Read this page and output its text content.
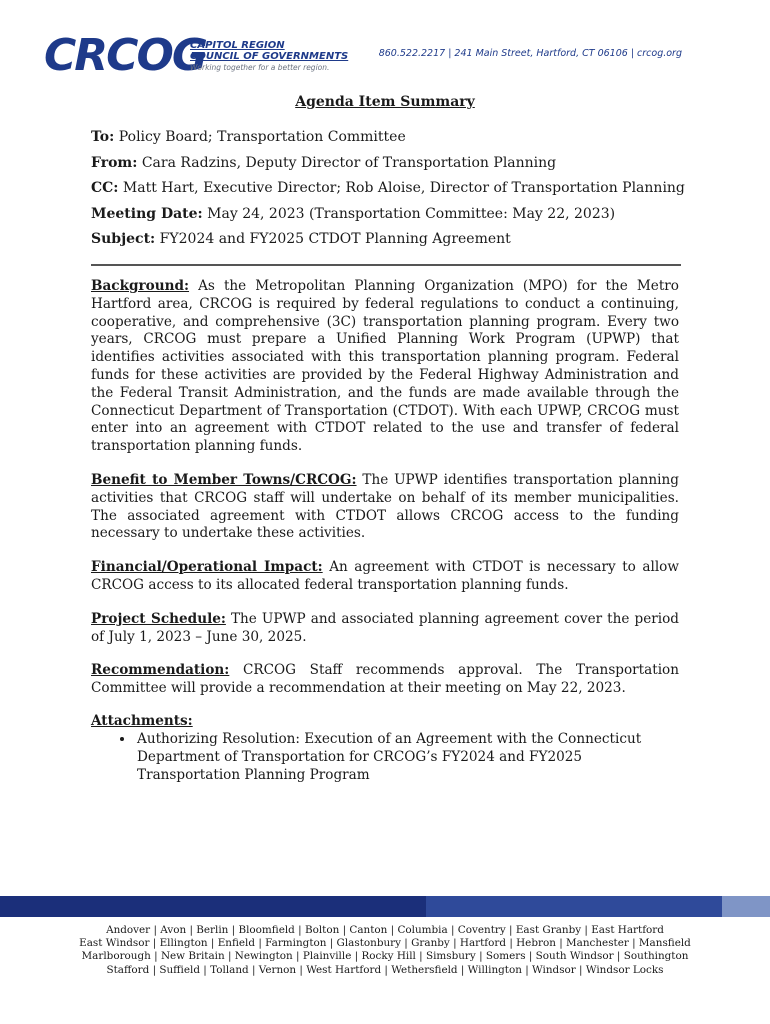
CRCOG
CAPITOL REGION
COUNCIL OF GOVERNMENTS
Working together for a better region.
860.522.2217 | 241 Main Street, Hartford, CT 06106 | crcog.org
Agenda Item Summary
To: Policy Board; Transportation Committee
From: Cara Radzins, Deputy Director of Transportation Planning
CC: Matt Hart, Executive Director; Rob Aloise, Director of Transportation Planning
Meeting Date: May 24, 2023 (Transportation Committee: May 22, 2023)
Subject: FY2024 and FY2025 CTDOT Planning Agreement

Background: As the Metropolitan Planning Organization (MPO) for the Metro Hartford area, CRCOG is required by federal regulations to conduct a continuing, cooperative, and comprehensive (3C) transportation planning program. Every two years, CRCOG must prepare a Unified Planning Work Program (UPWP) that identifies activities associated with this transportation planning program. Federal funds for these activities are provided by the Federal Highway Administration and the Federal Transit Administration, and the funds are made available through the Connecticut Department of Transportation (CTDOT). With each UPWP, CRCOG must enter into an agreement with CTDOT related to the use and transfer of federal transportation planning funds.

Benefit to Member Towns/CRCOG: The UPWP identifies transportation planning activities that CRCOG staff will undertake on behalf of its member municipalities. The associated agreement with CTDOT allows CRCOG access to the funding necessary to undertake these activities.

Financial/Operational Impact: An agreement with CTDOT is necessary to allow CRCOG access to its allocated federal transportation planning funds.

Project Schedule: The UPWP and associated planning agreement cover the period of July 1, 2023 – June 30, 2025.

Recommendation: CRCOG Staff recommends approval. The Transportation Committee will provide a recommendation at their meeting on May 22, 2023.

Attachments:
• Authorizing Resolution: Execution of an Agreement with the Connecticut Department of Transportation for CRCOG’s FY2024 and FY2025 Transportation Planning Program
Andover | Avon | Berlin | Bloomfield | Bolton | Canton | Columbia | Coventry | East Granby | East Hartford
East Windsor | Ellington | Enfield | Farmington | Glastonbury | Granby | Hartford | Hebron | Manchester | Mansfield
Marlborough | New Britain | Newington | Plainville | Rocky Hill | Simsbury | Somers | South Windsor | Southington
Stafford | Suffield | Tolland | Vernon | West Hartford | Wethersfield | Willington | Windsor | Windsor Locks
